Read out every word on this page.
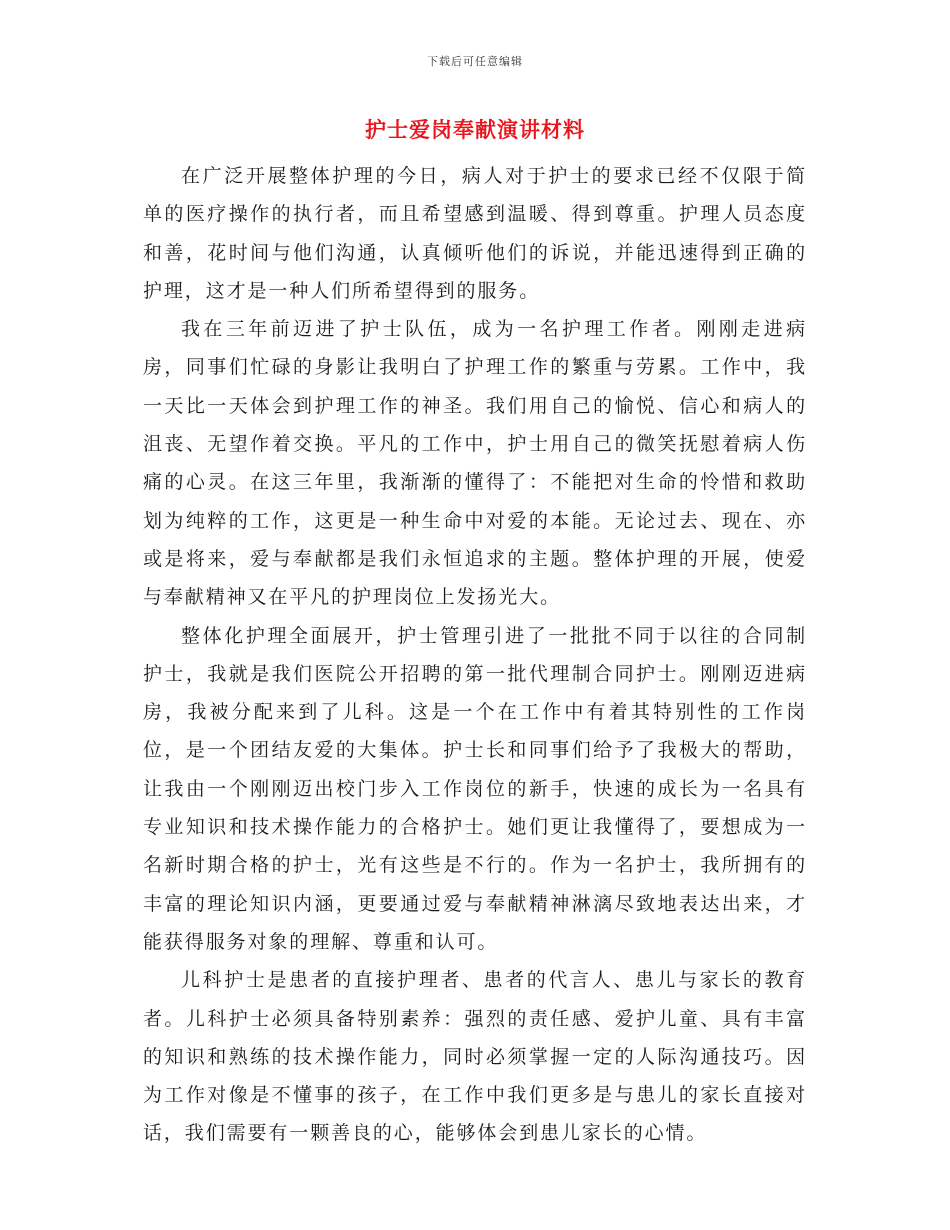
下载后可任意编辑
护士爱岗奉献演讲材料

在广泛开展整体护理的今日，病人对于护士的要求已经不仅限于简单的医疗操作的执行者，而且希望感到温暖、得到尊重。护理人员态度和善，花时间与他们沟通，认真倾听他们的诉说，并能迅速得到正确的护理，这才是一种人们所希望得到的服务。

我在三年前迈进了护士队伍，成为一名护理工作者。刚刚走进病房，同事们忙碌的身影让我明白了护理工作的繁重与劳累。工作中，我一天比一天体会到护理工作的神圣。我们用自己的愉悦、信心和病人的沮丧、无望作着交换。平凡的工作中，护士用自己的微笑抚慰着病人伤痛的心灵。在这三年里，我渐渐的懂得了：不能把对生命的怜惜和救助划为纯粹的工作，这更是一种生命中对爱的本能。无论过去、现在、亦或是将来，爱与奉献都是我们永恒追求的主题。整体护理的开展，使爱与奉献精神又在平凡的护理岗位上发扬光大。

整体化护理全面展开，护士管理引进了一批批不同于以往的合同制护士，我就是我们医院公开招聘的第一批代理制合同护士。刚刚迈进病房，我被分配来到了儿科。这是一个在工作中有着其特别性的工作岗位，是一个团结友爱的大集体。护士长和同事们给予了我极大的帮助，让我由一个刚刚迈出校门步入工作岗位的新手，快速的成长为一名具有专业知识和技术操作能力的合格护士。她们更让我懂得了，要想成为一名新时期合格的护士，光有这些是不行的。作为一名护士，我所拥有的丰富的理论知识内涵，更要通过爱与奉献精神淋漓尽致地表达出来，才能获得服务对象的理解、尊重和认可。

儿科护士是患者的直接护理者、患者的代言人、患儿与家长的教育者。儿科护士必须具备特别素养：强烈的责任感、爱护儿童、具有丰富的知识和熟练的技术操作能力，同时必须掌握一定的人际沟通技巧。因为工作对像是不懂事的孩子，在工作中我们更多是与患儿的家长直接对话，我们需要有一颗善良的心，能够体会到患儿家长的心情。
